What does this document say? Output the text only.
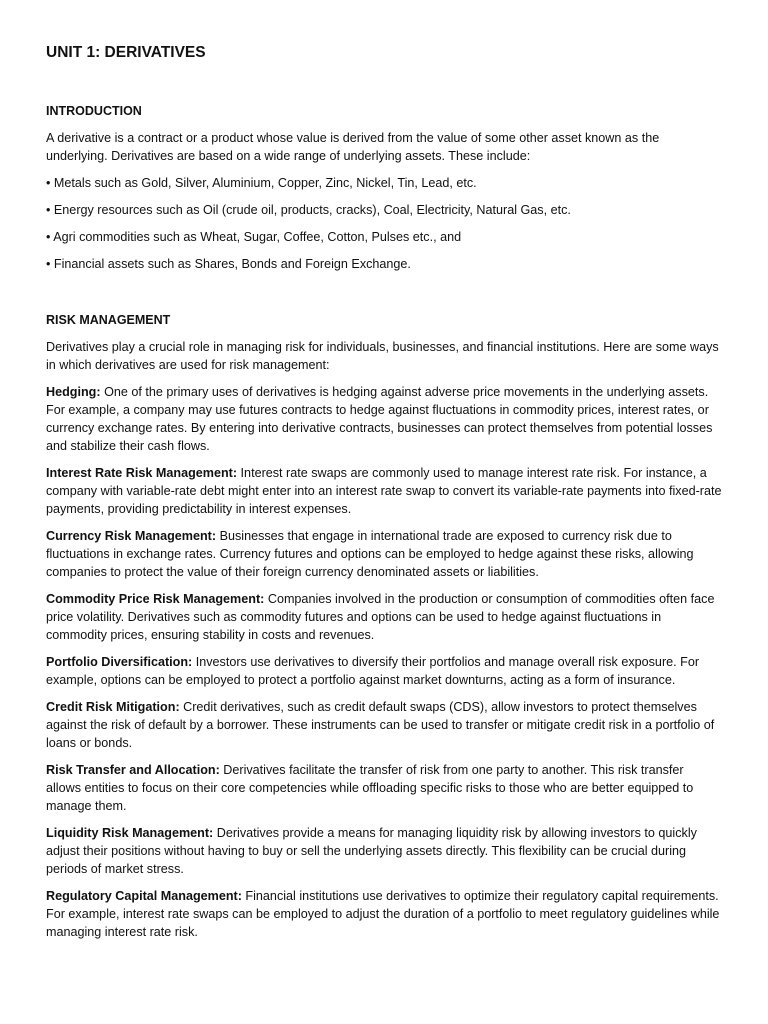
UNIT 1: DERIVATIVES
INTRODUCTION

A derivative is a contract or a product whose value is derived from the value of some other asset known as the underlying. Derivatives are based on a wide range of underlying assets. These include:

• Metals such as Gold, Silver, Aluminium, Copper, Zinc, Nickel, Tin, Lead, etc.
• Energy resources such as Oil (crude oil, products, cracks), Coal, Electricity, Natural Gas, etc.
• Agri commodities such as Wheat, Sugar, Coffee, Cotton, Pulses etc., and
• Financial assets such as Shares, Bonds and Foreign Exchange.
RISK MANAGEMENT

Derivatives play a crucial role in managing risk for individuals, businesses, and financial institutions. Here are some ways in which derivatives are used for risk management:

Hedging: One of the primary uses of derivatives is hedging against adverse price movements in the underlying assets. For example, a company may use futures contracts to hedge against fluctuations in commodity prices, interest rates, or currency exchange rates. By entering into derivative contracts, businesses can protect themselves from potential losses and stabilize their cash flows.

Interest Rate Risk Management: Interest rate swaps are commonly used to manage interest rate risk. For instance, a company with variable-rate debt might enter into an interest rate swap to convert its variable-rate payments into fixed-rate payments, providing predictability in interest expenses.

Currency Risk Management: Businesses that engage in international trade are exposed to currency risk due to fluctuations in exchange rates. Currency futures and options can be employed to hedge against these risks, allowing companies to protect the value of their foreign currency denominated assets or liabilities.

Commodity Price Risk Management: Companies involved in the production or consumption of commodities often face price volatility. Derivatives such as commodity futures and options can be used to hedge against fluctuations in commodity prices, ensuring stability in costs and revenues.

Portfolio Diversification: Investors use derivatives to diversify their portfolios and manage overall risk exposure. For example, options can be employed to protect a portfolio against market downturns, acting as a form of insurance.

Credit Risk Mitigation: Credit derivatives, such as credit default swaps (CDS), allow investors to protect themselves against the risk of default by a borrower. These instruments can be used to transfer or mitigate credit risk in a portfolio of loans or bonds.

Risk Transfer and Allocation: Derivatives facilitate the transfer of risk from one party to another. This risk transfer allows entities to focus on their core competencies while offloading specific risks to those who are better equipped to manage them.

Liquidity Risk Management: Derivatives provide a means for managing liquidity risk by allowing investors to quickly adjust their positions without having to buy or sell the underlying assets directly. This flexibility can be crucial during periods of market stress.

Regulatory Capital Management: Financial institutions use derivatives to optimize their regulatory capital requirements. For example, interest rate swaps can be employed to adjust the duration of a portfolio to meet regulatory guidelines while managing interest rate risk.
